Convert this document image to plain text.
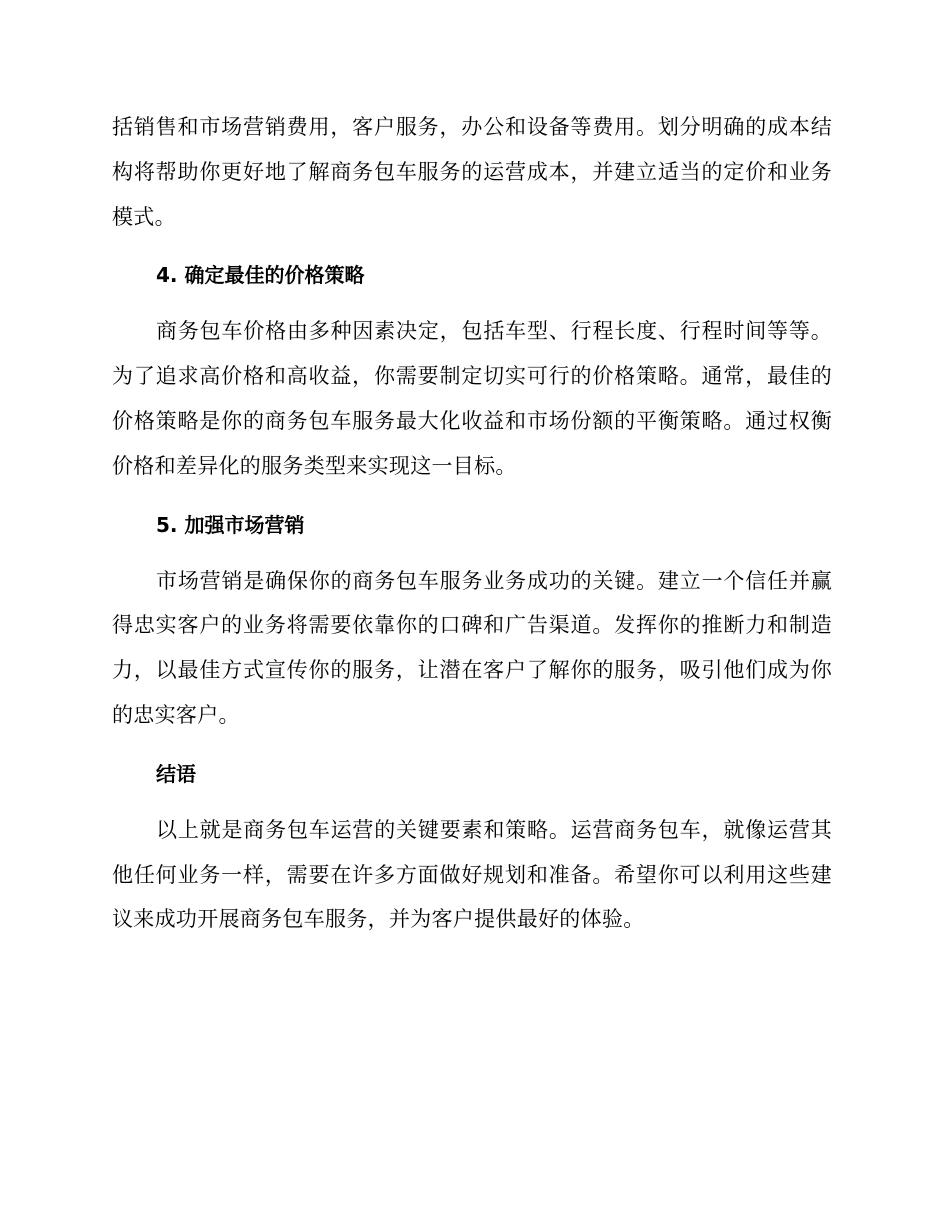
括销售和市场营销费用，客户服务，办公和设备等费用。划分明确的成本结构将帮助你更好地了解商务包车服务的运营成本，并建立适当的定价和业务模式。

4. 确定最佳的价格策略

商务包车价格由多种因素决定，包括车型、行程长度、行程时间等等。为了追求高价格和高收益，你需要制定切实可行的价格策略。通常，最佳的价格策略是你的商务包车服务最大化收益和市场份额的平衡策略。通过权衡价格和差异化的服务类型来实现这一目标。

5. 加强市场营销

市场营销是确保你的商务包车服务业务成功的关键。建立一个信任并赢得忠实客户的业务将需要依靠你的口碑和广告渠道。发挥你的推断力和制造力，以最佳方式宣传你的服务，让潜在客户了解你的服务，吸引他们成为你的忠实客户。

结语

以上就是商务包车运营的关键要素和策略。运营商务包车，就像运营其他任何业务一样，需要在许多方面做好规划和准备。希望你可以利用这些建议来成功开展商务包车服务，并为客户提供最好的体验。
